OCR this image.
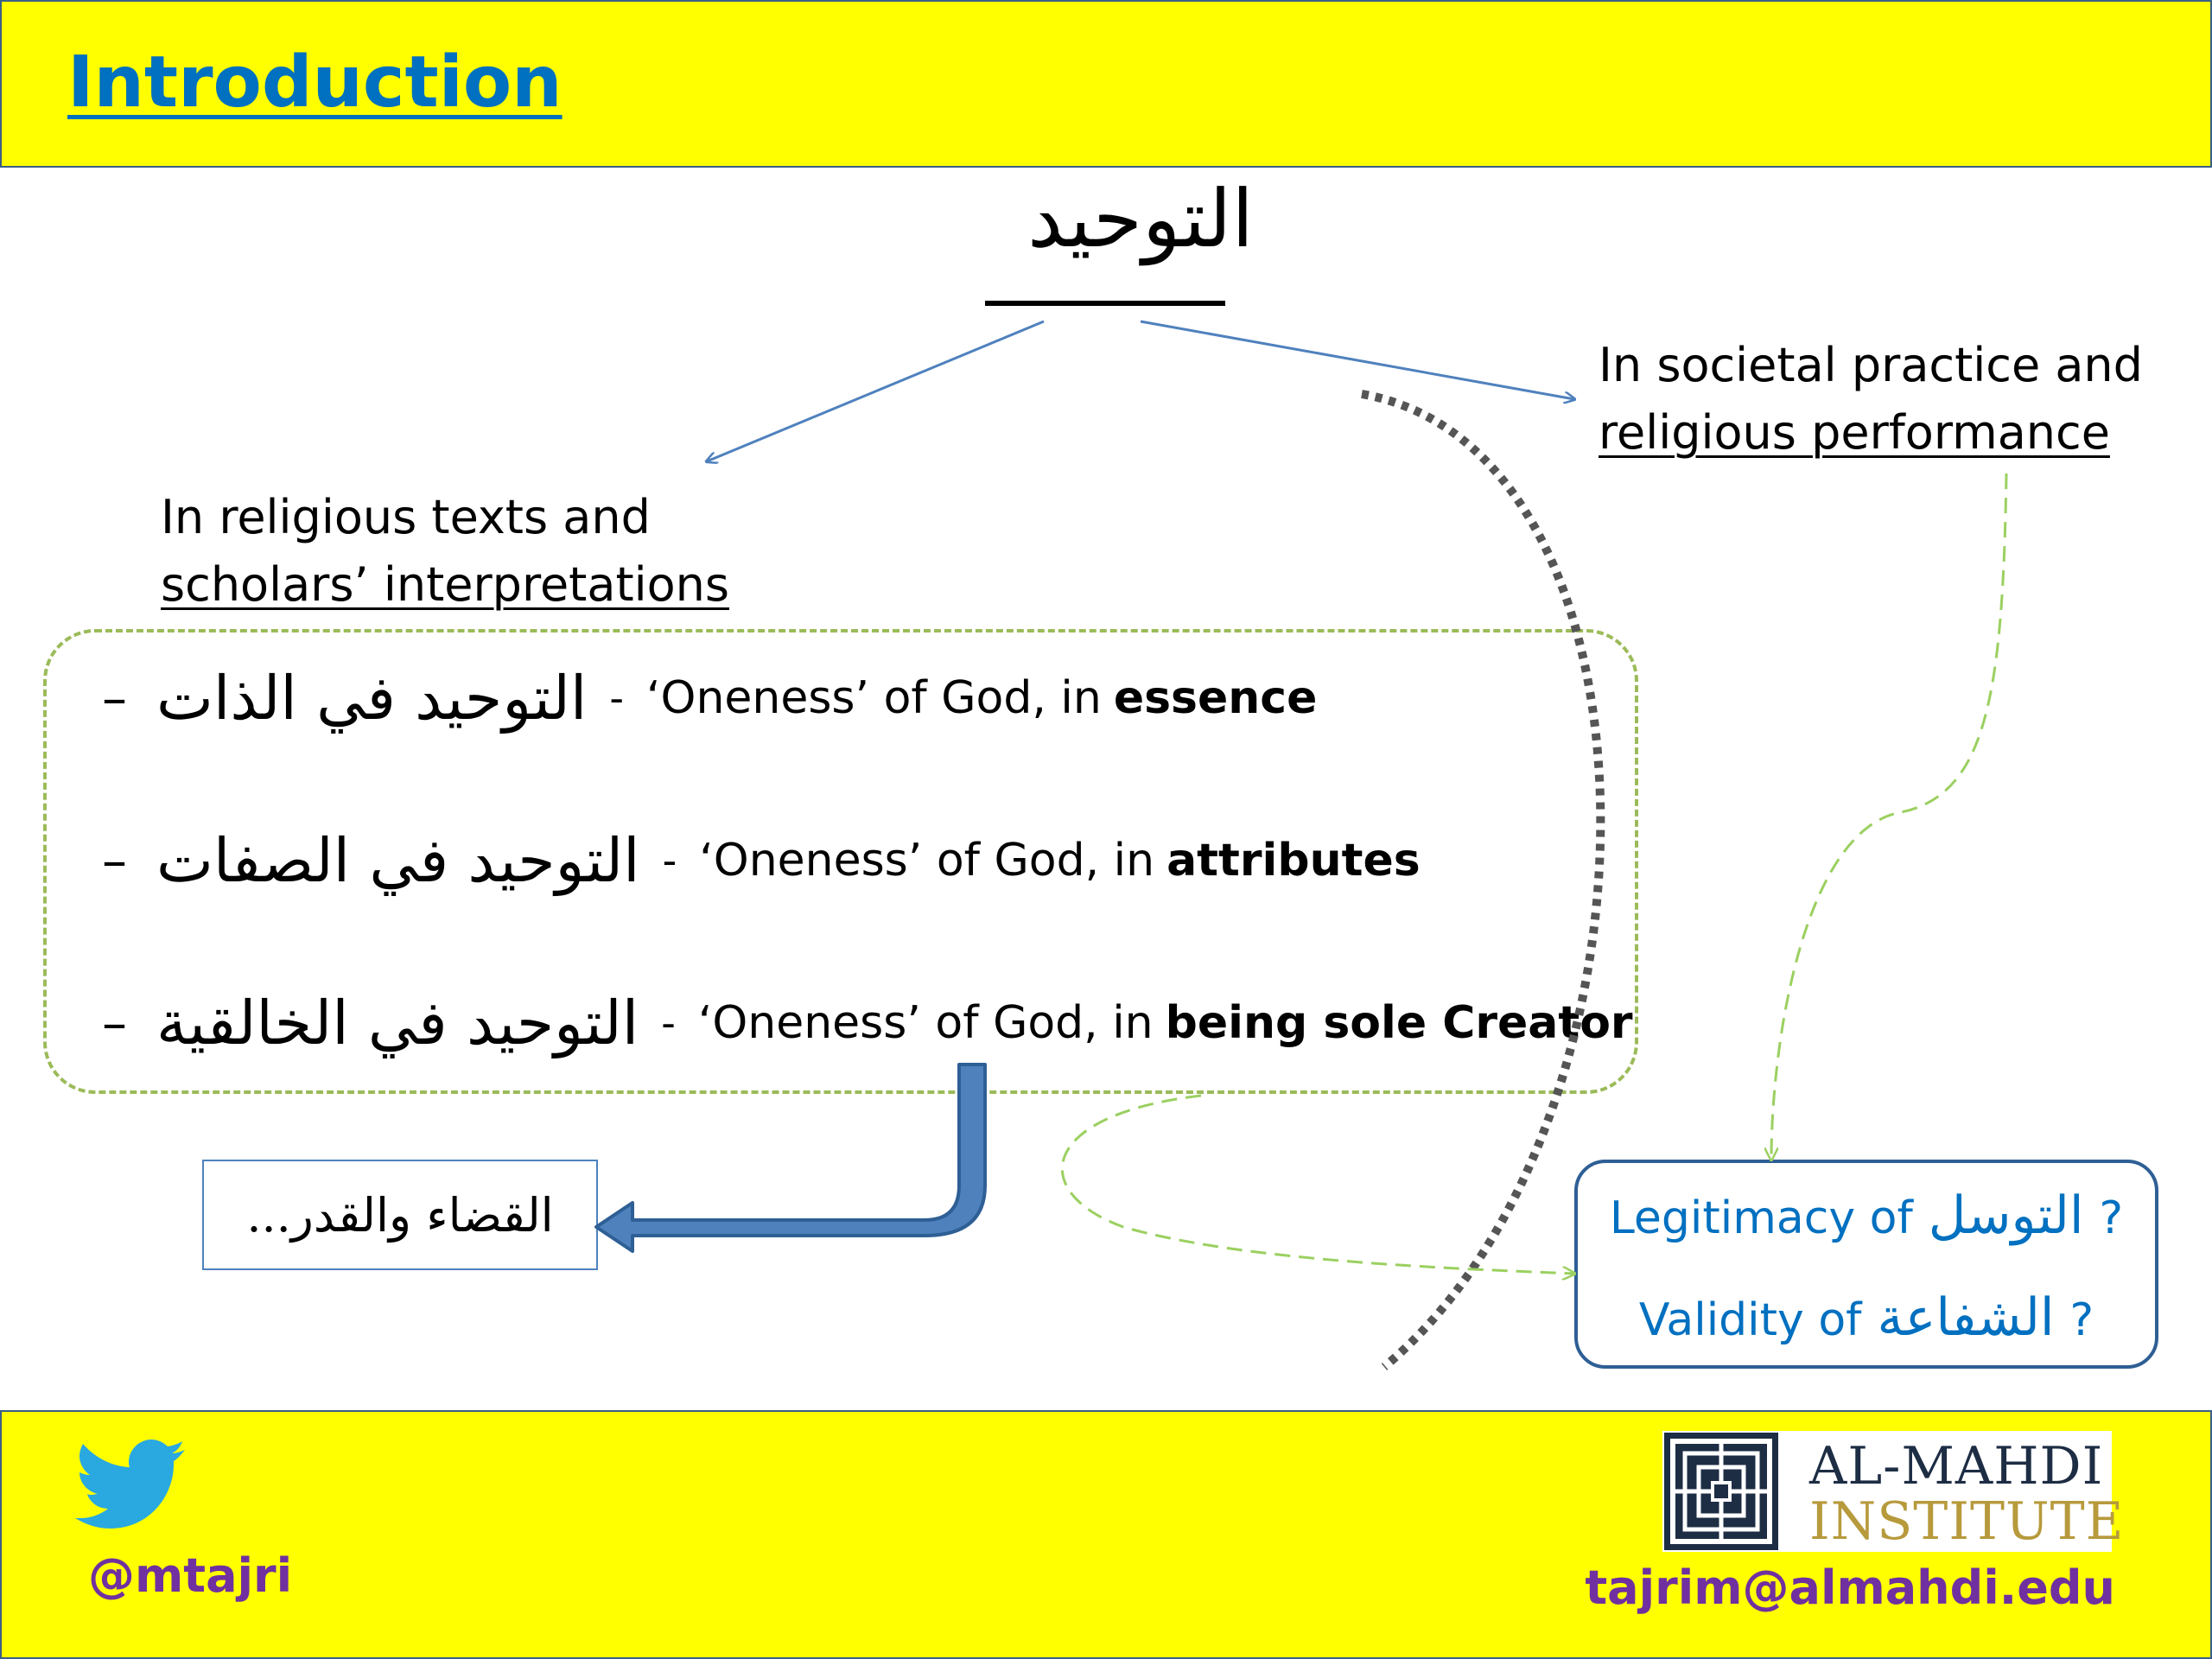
Introduction
التوحيد
In religious texts and
scholars’ interpretations
In societal practice and
religious performance
– التوحيد في الذات - ‘Oneness’ of God, in essence
– التوحيد في الصفات - ‘Oneness’ of God, in attributes
– التوحيد في الخالقية - ‘Oneness’ of God, in being sole Creator
القضاء والقدر...	Legitimacy of التوسل ?
Validity of الشفاعة ?
@mtajri
AL-MAHDI
INSTITUTE
tajrim@almahdi.edu
